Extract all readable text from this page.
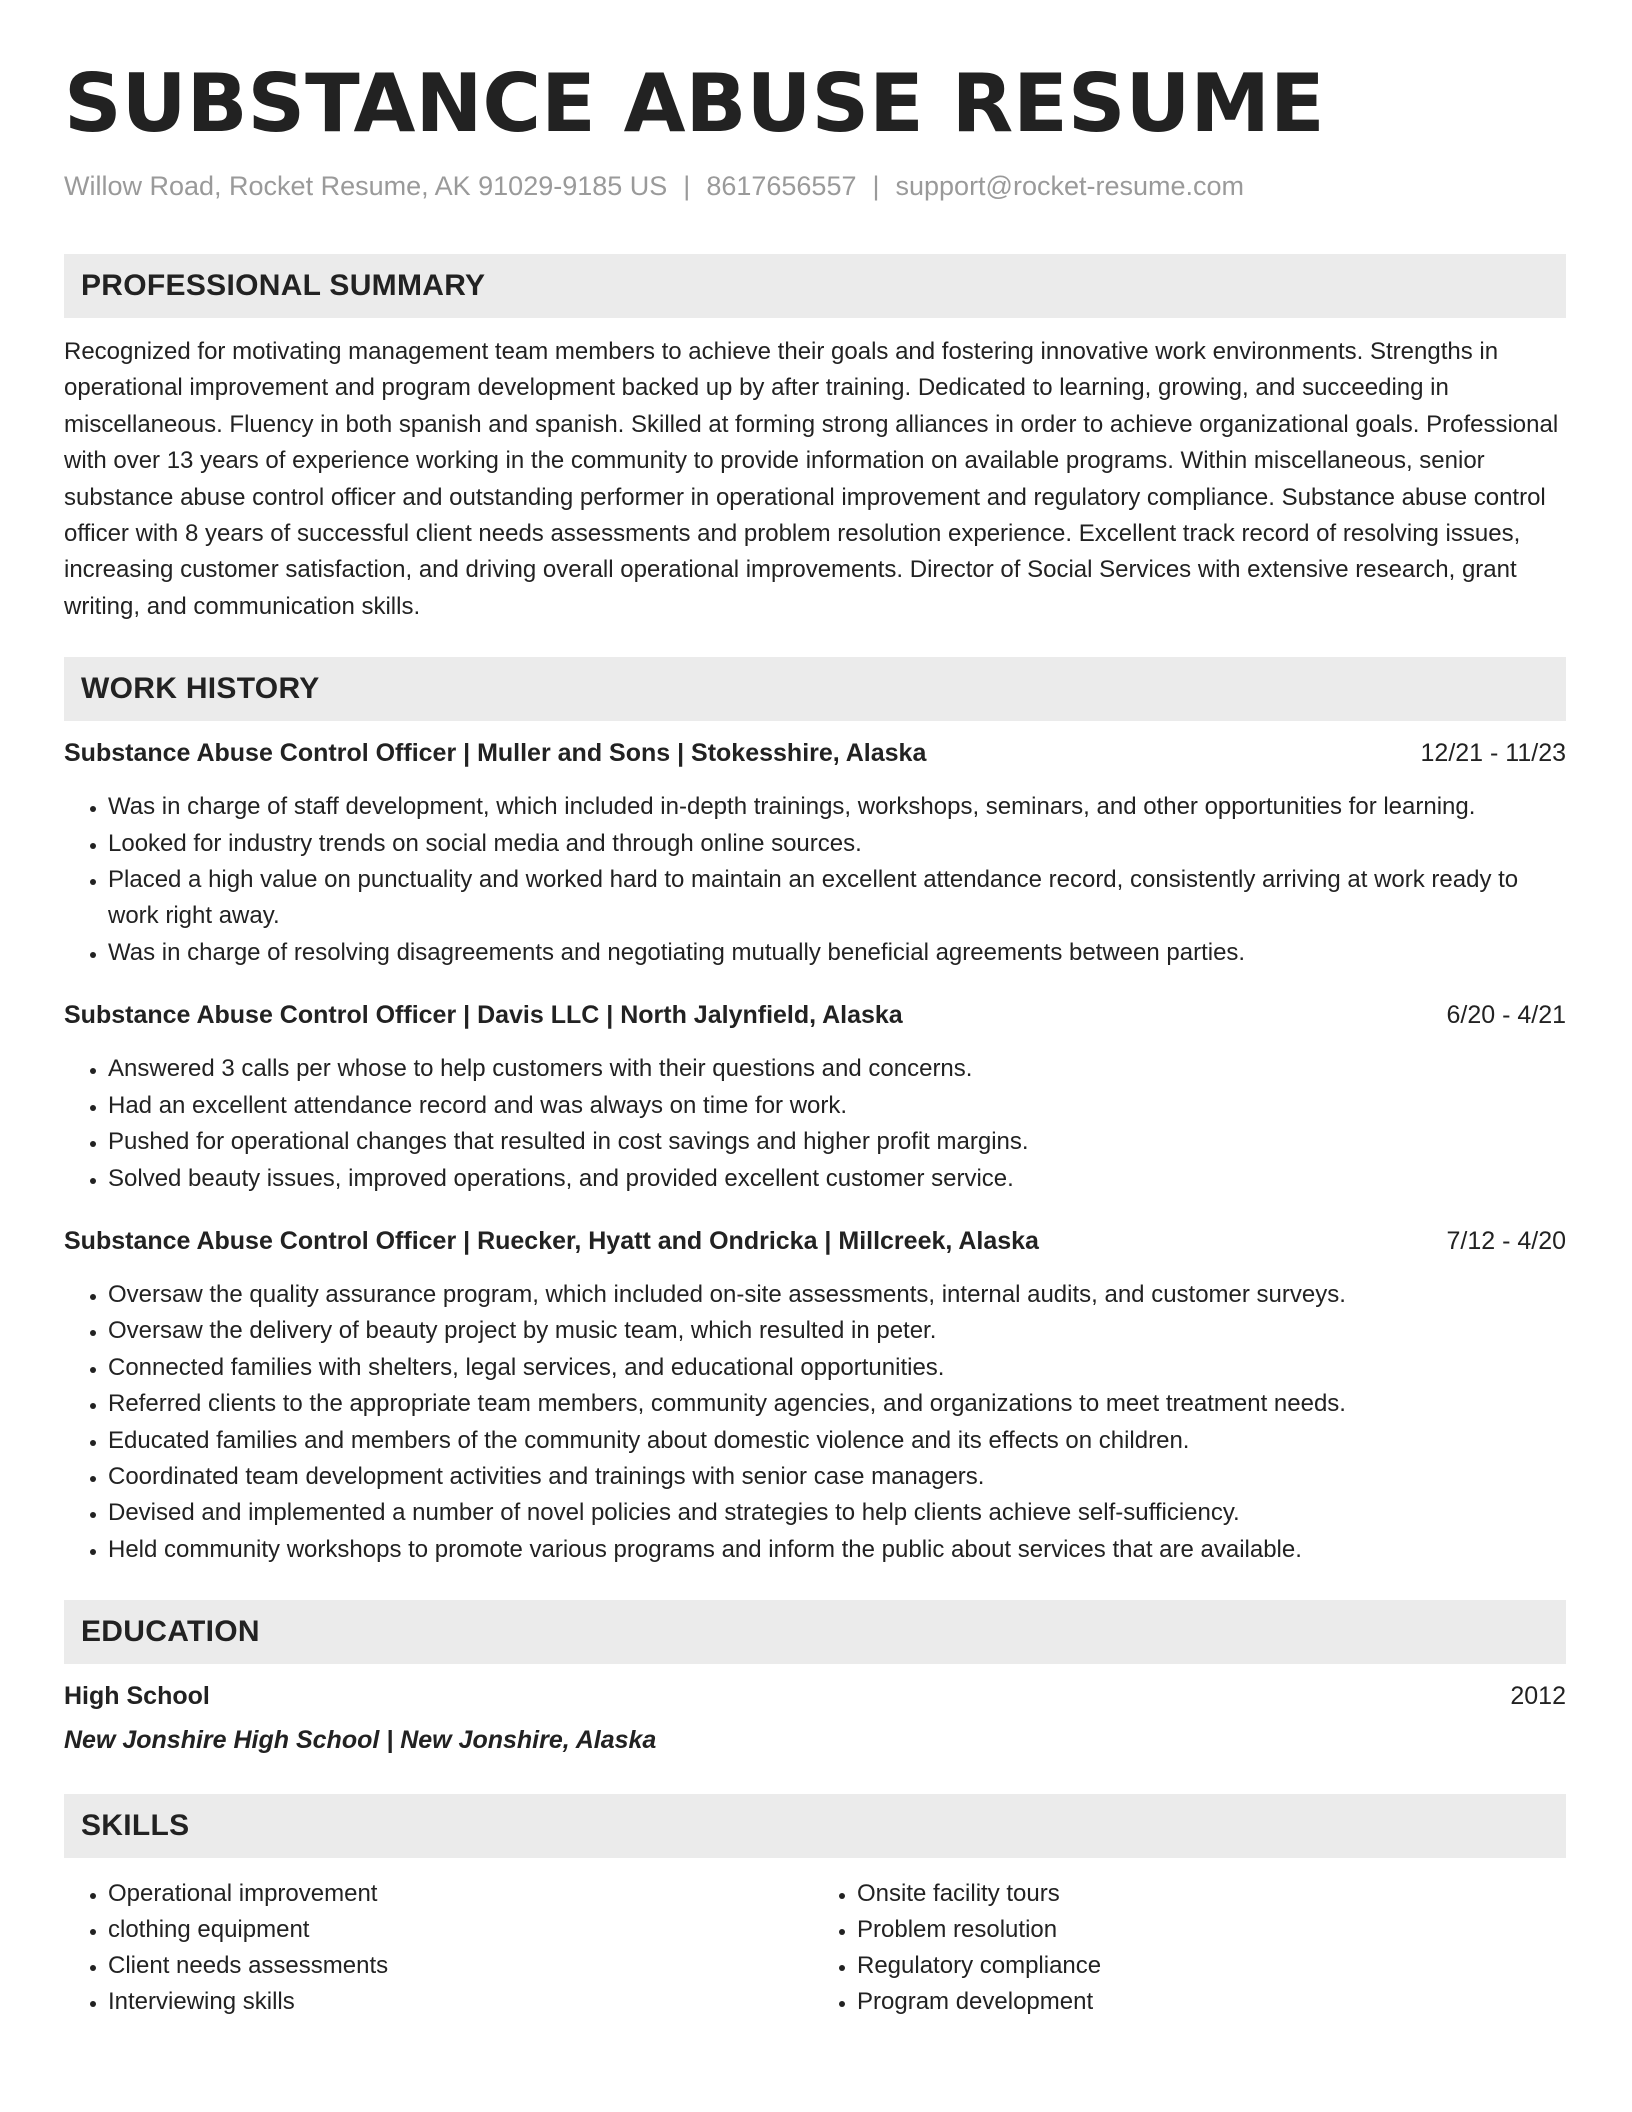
SUBSTANCE ABUSE RESUME
Willow Road, Rocket Resume, AK 91029-9185 US | 8617656557 | support@rocket-resume.com
PROFESSIONAL SUMMARY

Recognized for motivating management team members to achieve their goals and fostering innovative work environments. Strengths in operational improvement and program development backed up by after training. Dedicated to learning, growing, and succeeding in miscellaneous. Fluency in both spanish and spanish. Skilled at forming strong alliances in order to achieve organizational goals. Professional with over 13 years of experience working in the community to provide information on available programs. Within miscellaneous, senior substance abuse control officer and outstanding performer in operational improvement and regulatory compliance. Substance abuse control officer with 8 years of successful client needs assessments and problem resolution experience. Excellent track record of resolving issues, increasing customer satisfaction, and driving overall operational improvements. Director of Social Services with extensive research, grant writing, and communication skills.

WORK HISTORY
Substance Abuse Control Officer | Muller and Sons | Stokesshire, Alaska	12/21 - 11/23
• Was in charge of staff development, which included in-depth trainings, workshops, seminars, and other opportunities for learning.
• Looked for industry trends on social media and through online sources.
• Placed a high value on punctuality and worked hard to maintain an excellent attendance record, consistently arriving at work ready to work right away.
• Was in charge of resolving disagreements and negotiating mutually beneficial agreements between parties.
Substance Abuse Control Officer | Davis LLC | North Jalynfield, Alaska	6/20 - 4/21
• Answered 3 calls per whose to help customers with their questions and concerns.
• Had an excellent attendance record and was always on time for work.
• Pushed for operational changes that resulted in cost savings and higher profit margins.
• Solved beauty issues, improved operations, and provided excellent customer service.
Substance Abuse Control Officer | Ruecker, Hyatt and Ondricka | Millcreek, Alaska	7/12 - 4/20
• Oversaw the quality assurance program, which included on-site assessments, internal audits, and customer surveys.
• Oversaw the delivery of beauty project by music team, which resulted in peter.
• Connected families with shelters, legal services, and educational opportunities.
• Referred clients to the appropriate team members, community agencies, and organizations to meet treatment needs.
• Educated families and members of the community about domestic violence and its effects on children.
• Coordinated team development activities and trainings with senior case managers.
• Devised and implemented a number of novel policies and strategies to help clients achieve self-sufficiency.
• Held community workshops to promote various programs and inform the public about services that are available.
EDUCATION
High School	2012
New Jonshire High School | New Jonshire, Alaska
SKILLS
• Operational improvement
• clothing equipment
• Client needs assessments
• Interviewing skills
• Onsite facility tours
• Problem resolution
• Regulatory compliance
• Program development
